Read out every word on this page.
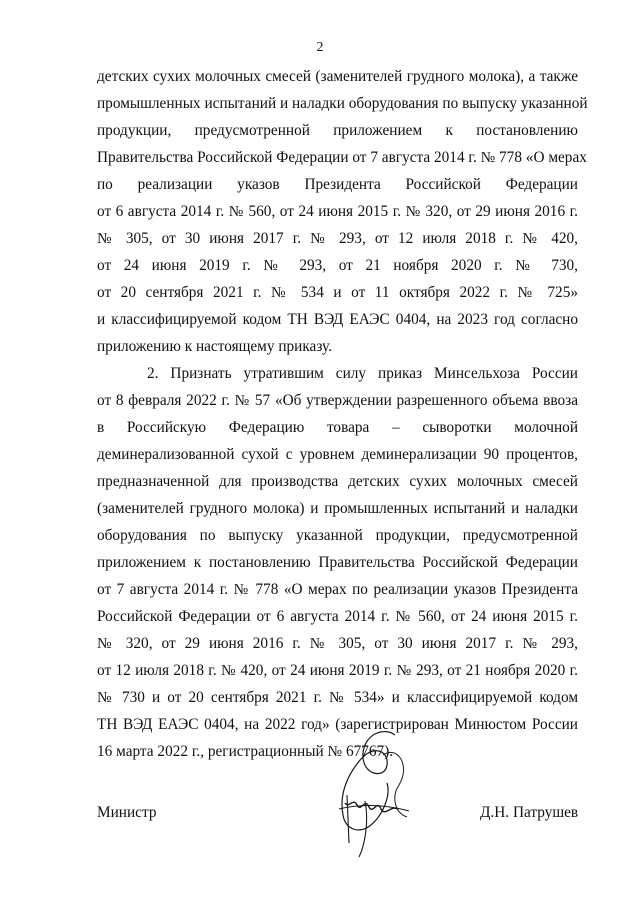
2
детских сухих молочных смесей (заменителей грудного молока), а также
промышленных испытаний и наладки оборудования по выпуску указанной
продукции, предусмотренной приложением к постановлению
Правительства Российской Федерации от 7 августа 2014 г. № 778 «О мерах
по реализации указов Президента Российской Федерации
от 6 августа 2014 г. № 560, от 24 июня 2015 г. № 320, от 29 июня 2016 г.
№ 305, от 30 июня 2017 г. № 293, от 12 июля 2018 г. № 420,
от 24 июня 2019 г. № 293, от 21 ноября 2020 г. № 730,
от 20 сентября 2021 г. № 534 и от 11 октября 2022 г. № 725»
и классифицируемой кодом ТН ВЭД ЕАЭС 0404, на 2023 год согласно
приложению к настоящему приказу.
2. Признать утратившим силу приказ Минсельхоза России
от 8 февраля 2022 г. № 57 «Об утверждении разрешенного объема ввоза
в Российскую Федерацию товара – сыворотки молочной
деминерализованной сухой с уровнем деминерализации 90 процентов,
предназначенной для производства детских сухих молочных смесей
(заменителей грудного молока) и промышленных испытаний и наладки
оборудования по выпуску указанной продукции, предусмотренной
приложением к постановлению Правительства Российской Федерации
от 7 августа 2014 г. № 778 «О мерах по реализации указов Президента
Российской Федерации от 6 августа 2014 г. № 560, от 24 июня 2015 г.
№ 320, от 29 июня 2016 г. № 305, от 30 июня 2017 г. № 293,
от 12 июля 2018 г. № 420, от 24 июня 2019 г. № 293, от 21 ноября 2020 г.
№ 730 и от 20 сентября 2021 г. № 534» и классифицируемой кодом
ТН ВЭД ЕАЭС 0404, на 2022 год» (зарегистрирован Минюстом России
16 марта 2022 г., регистрационный № 67767).
Министр	Д.Н. Патрушев
